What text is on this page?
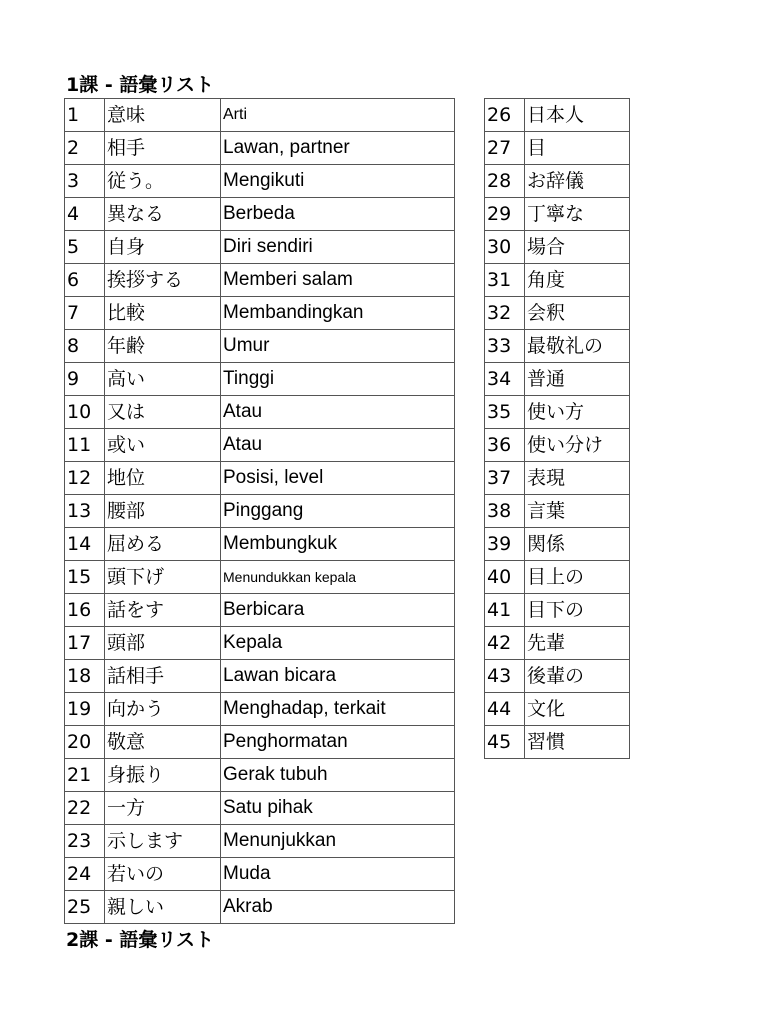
1課 - 語彙リスト
1	意味	Arti
2	相手	Lawan, partner
3	従う。	Mengikuti
4	異なる	Berbeda
5	自身	Diri sendiri
6	挨拶する	Memberi salam
7	比較	Membandingkan
8	年齢	Umur
9	高い	Tinggi
10	又は	Atau
11	或い	Atau
12	地位	Posisi, level
13	腰部	Pinggang
14	屈める	Membungkuk
15	頭下げ	Menundukkan kepala
16	話をす	Berbicara
17	頭部	Kepala
18	話相手	Lawan bicara
19	向かう	Menghadap, terkait
20	敬意	Penghormatan
21	身振り	Gerak tubuh
22	一方	Satu pihak
23	示します	Menunjukkan
24	若いの	Muda
25	親しい	Akrab
26	日本人
27	目
28	お辞儀
29	丁寧な
30	場合
31	角度
32	会釈
33	最敬礼の
34	普通
35	使い方
36	使い分け
37	表現
38	言葉
39	関係
40	目上の
41	目下の
42	先輩
43	後輩の
44	文化
45	習慣
2課 - 語彙リスト
